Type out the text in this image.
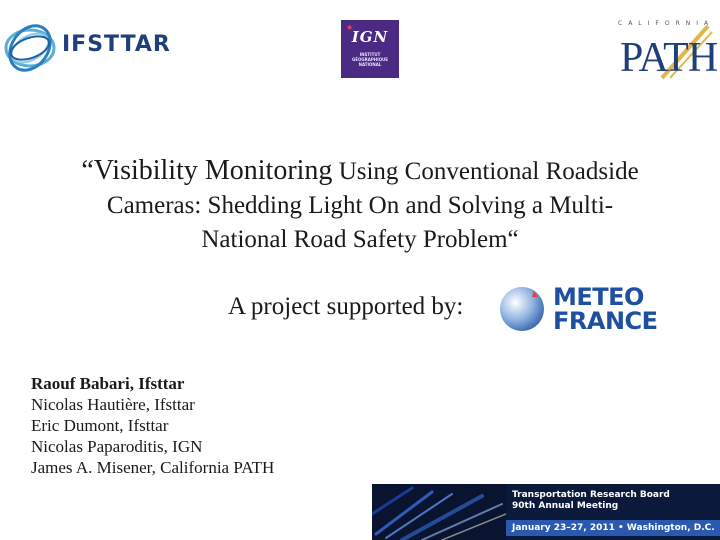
IFSTTAR
★
IGN
INSTITUT
GÉOGRAPHIQUE
NATIONAL
CALIFORNIA
PATH
“Visibility Monitoring Using Conventional Roadside
Cameras: Shedding Light On and Solving a Multi-
National Road Safety Problem“
A project supported by:	METEO
FRANCE
Raouf Babari, Ifsttar
Nicolas Hautière, Ifsttar
Eric Dumont, Ifsttar
Nicolas Paparoditis, IGN
James A. Misener, California PATH
Transportation Research Board
90th Annual Meeting
January 23–27, 2011 • Washington, D.C.
